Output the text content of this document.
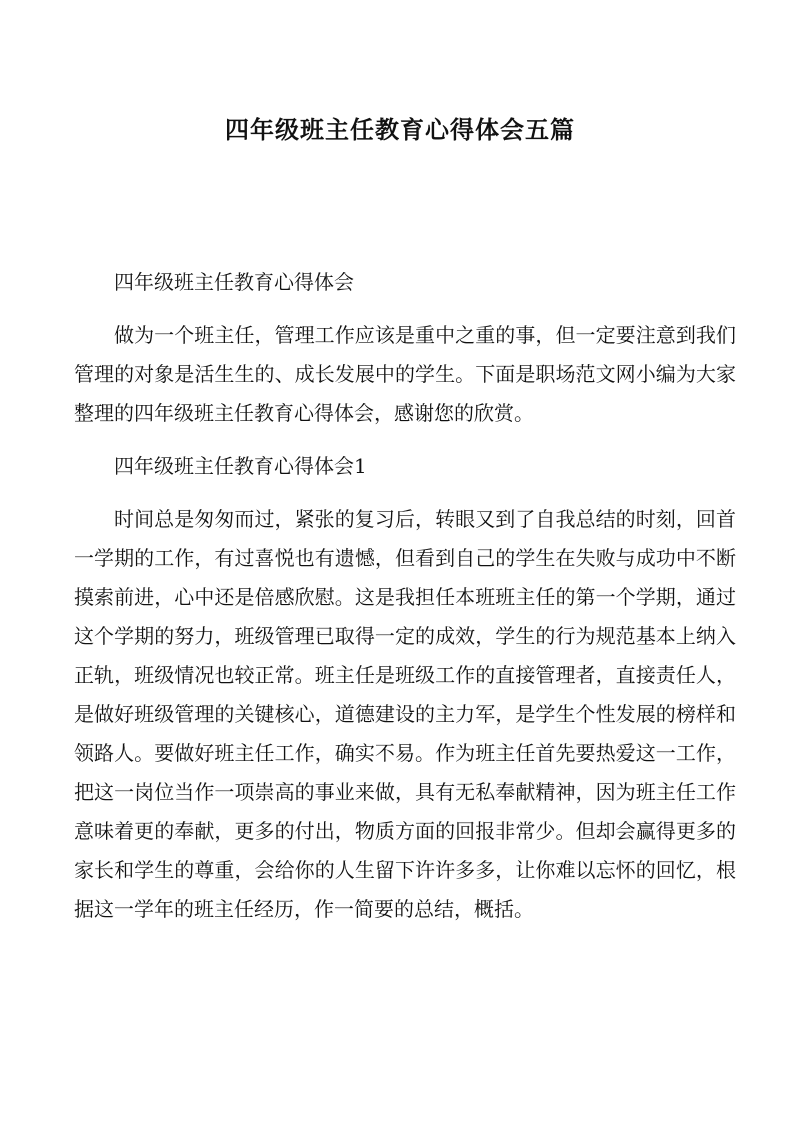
四年级班主任教育心得体会五篇

四年级班主任教育心得体会

做为一个班主任，管理工作应该是重中之重的事，但一定要注意到我们管理的对象是活生生的、成长发展中的学生。下面是职场范文网小编为大家整理的四年级班主任教育心得体会，感谢您的欣赏。

四年级班主任教育心得体会1

时间总是匆匆而过，紧张的复习后，转眼又到了自我总结的时刻，回首一学期的工作，有过喜悦也有遗憾，但看到自己的学生在失败与成功中不断摸索前进，心中还是倍感欣慰。这是我担任本班班主任的第一个学期，通过这个学期的努力，班级管理已取得一定的成效，学生的行为规范基本上纳入正轨，班级情况也较正常。班主任是班级工作的直接管理者，直接责任人，是做好班级管理的关键核心，道德建设的主力军，是学生个性发展的榜样和领路人。要做好班主任工作，确实不易。作为班主任首先要热爱这一工作，把这一岗位当作一项崇高的事业来做，具有无私奉献精神，因为班主任工作意味着更的奉献，更多的付出，物质方面的回报非常少。但却会赢得更多的家长和学生的尊重，会给你的人生留下许许多多，让你难以忘怀的回忆，根据这一学年的班主任经历，作一简要的总结，概括。
